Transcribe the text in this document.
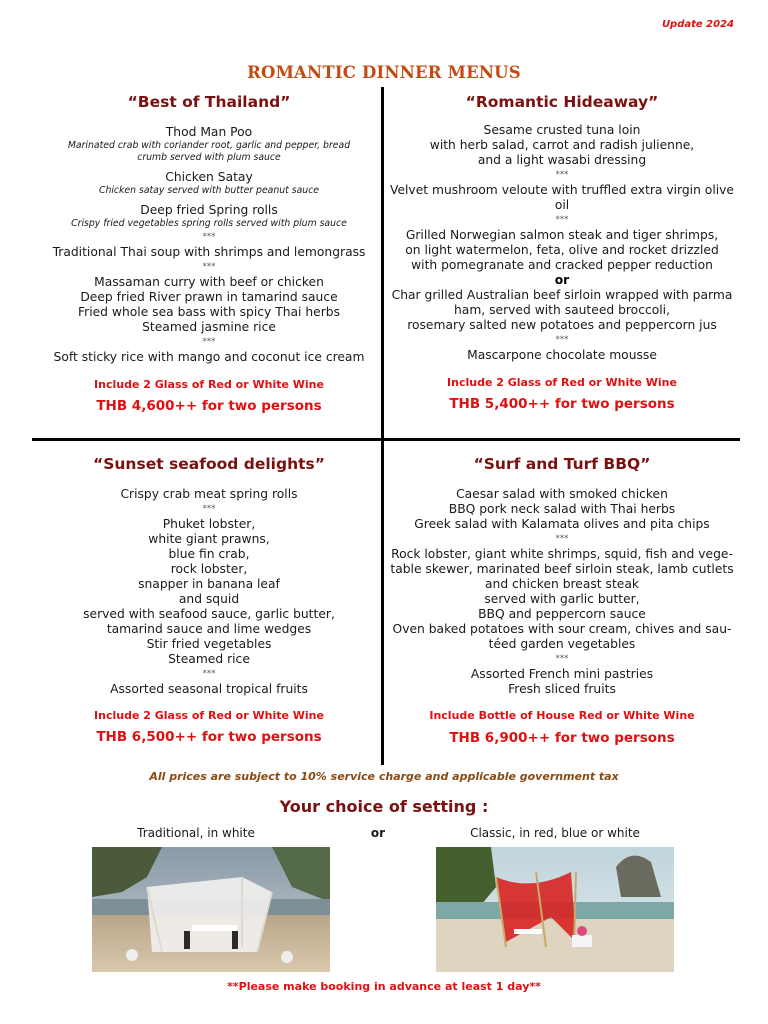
Update 2024
ROMANTIC DINNER MENUS

“Best of Thailand”

Thod Man Poo

Marinated crab with coriander root, garlic and pepper, bread crumb served with plum sauce

Chicken Satay

Chicken satay served with butter peanut sauce

Deep fried Spring rolls

Crispy fried vegetables spring rolls served with plum sauce

***

Traditional Thai soup with shrimps and lemongrass

***

Massaman curry with beef or chicken

Deep fried River prawn in tamarind sauce

Fried whole sea bass with spicy Thai herbs

Steamed jasmine rice

***

Soft sticky rice with mango and coconut ice cream

Include 2 Glass of Red or White Wine

THB 4,600++ for two persons

“Romantic Hideaway”

Sesame crusted tuna loin

with herb salad, carrot and radish julienne,

and a light wasabi dressing

***

Velvet mushroom veloute with truffled extra virgin olive

oil

***

Grilled Norwegian salmon steak and tiger shrimps,

on light watermelon, feta, olive and rocket drizzled

with pomegranate and cracked pepper reduction

or

Char grilled Australian beef sirloin wrapped with parma

ham, served with sauteed broccoli,

rosemary salted new potatoes and peppercorn jus

***

Mascarpone chocolate mousse

Include 2 Glass of Red or White Wine

THB 5,400++ for two persons

“Sunset seafood delights”

Crispy crab meat spring rolls

***

Phuket lobster,

white giant prawns,

blue fin crab,

rock lobster,

snapper in banana leaf

and squid

served with seafood sauce, garlic butter,

tamarind sauce and lime wedges

Stir fried vegetables

Steamed rice

***

Assorted seasonal tropical fruits

Include 2 Glass of Red or White Wine

THB 6,500++ for two persons

“Surf and Turf BBQ”

Caesar salad with smoked chicken

BBQ pork neck salad with Thai herbs

Greek salad with Kalamata olives and pita chips

***

Rock lobster, giant white shrimps, squid, fish and vege-

table skewer, marinated beef sirloin steak, lamb cutlets

and chicken breast steak

served with garlic butter,

BBQ and peppercorn sauce

Oven baked potatoes with sour cream, chives and sau-

téed garden vegetables

***

Assorted French mini pastries

Fresh sliced fruits

Include Bottle of House Red or White Wine

THB 6,900++ for two persons

All prices are subject to 10% service charge and applicable government tax
Your choice of setting :
Traditional, in white	or	Classic, in red, blue or white
**Please make booking in advance at least 1 day**
